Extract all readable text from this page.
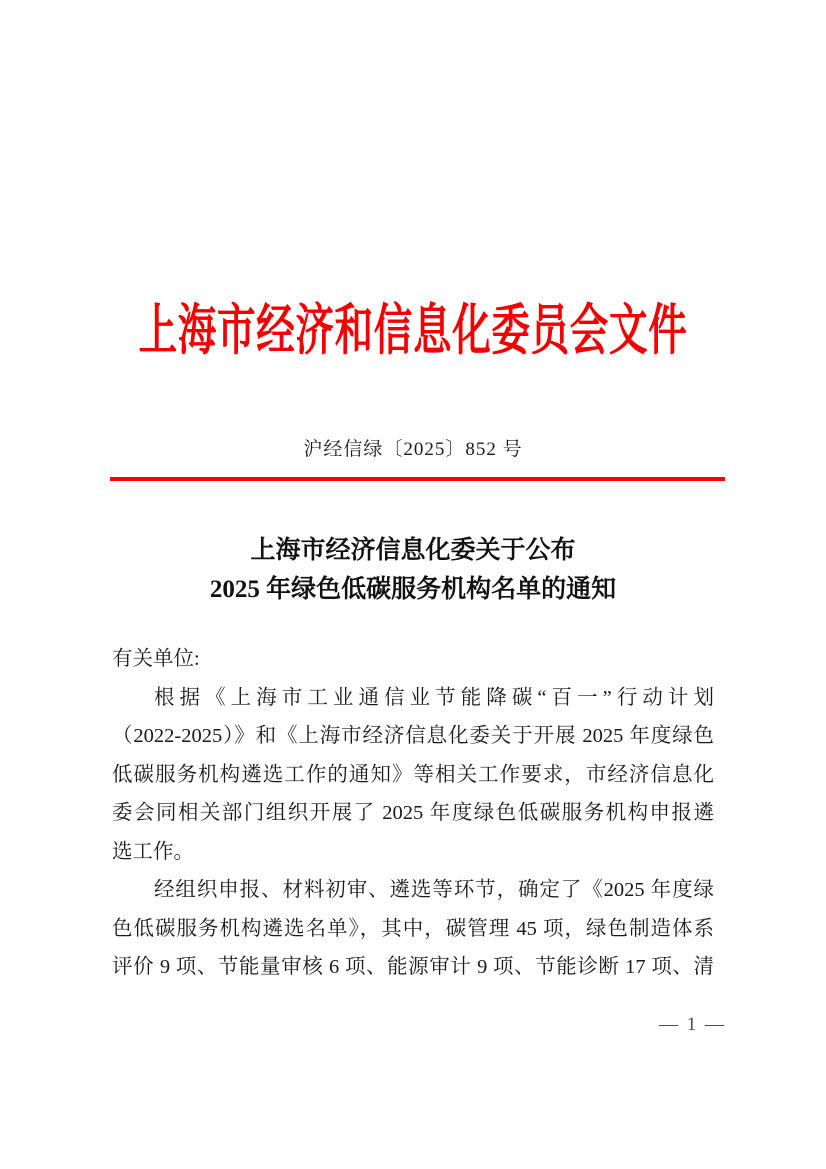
上海市经济和信息化委员会文件
沪经信绿〔2025〕852 号
上海市经济信息化委关于公布
2025 年绿色低碳服务机构名单的通知
有关单位:
根据《上海市工业通信业节能降碳“百一”行动计划
（2022-2025）》和《上海市经济信息化委关于开展 2025 年度绿色
低碳服务机构遴选工作的通知》等相关工作要求，市经济信息化
委会同相关部门组织开展了 2025 年度绿色低碳服务机构申报遴
选工作。
经组织申报、材料初审、遴选等环节，确定了《2025 年度绿
色低碳服务机构遴选名单》，其中，碳管理 45 项，绿色制造体系
评价 9 项、节能量审核 6 项、能源审计 9 项、节能诊断 17 项、清
— 1 —
